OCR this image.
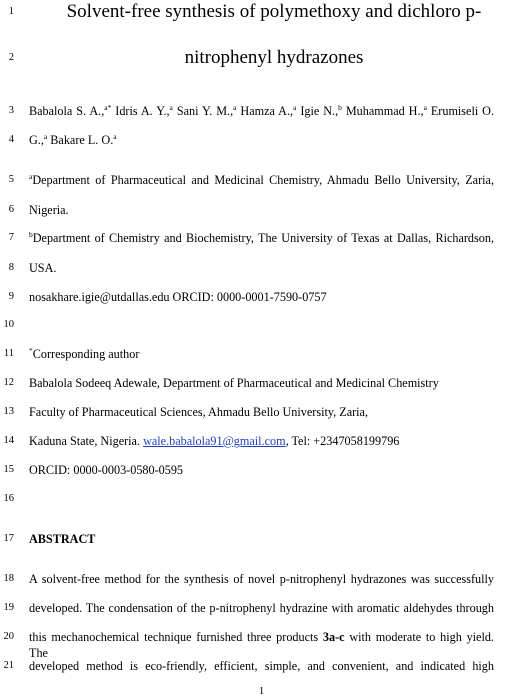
1
2
3
4
5
6
7
8
9
10
11
12
13
14
15
16
17
18
19
20
21
Solvent-free synthesis of polymethoxy and dichloro p-
nitrophenyl hydrazones
Babalola S. A.,$^{a*}$ Idris A. Y.,$^a$ Sani Y. M.,$^a$ Hamza A.,$^a$ Igie N.,$^b$ Muhammad H.,$^a$ Erumiseli O.
G.,$^a$ Bakare L. O.$^a$
$^a$Department of Pharmaceutical and Medicinal Chemistry, Ahmadu Bello University, Zaria,
Nigeria.
$^b$Department of Chemistry and Biochemistry, The University of Texas at Dallas, Richardson,
USA.
nosakhare.igie@utdallas.edu ORCID: 0000-0001-7590-0757
*Corresponding author
Babalola Sodeeq Adewale, Department of Pharmaceutical and Medicinal Chemistry
Faculty of Pharmaceutical Sciences, Ahmadu Bello University, Zaria,
Kaduna State, Nigeria. wale.babalola91@gmail.com, Tel: +2347058199796
ORCID: 0000-0003-0580-0595
ABSTRACT
A solvent-free method for the synthesis of novel p-nitrophenyl hydrazones was successfully
developed. The condensation of the p-nitrophenyl hydrazine with aromatic aldehydes through
this mechanochemical technique furnished three products 3a-c with moderate to high yield. The
developed method is eco-friendly, efficient, simple, and convenient, and indicated high
1
